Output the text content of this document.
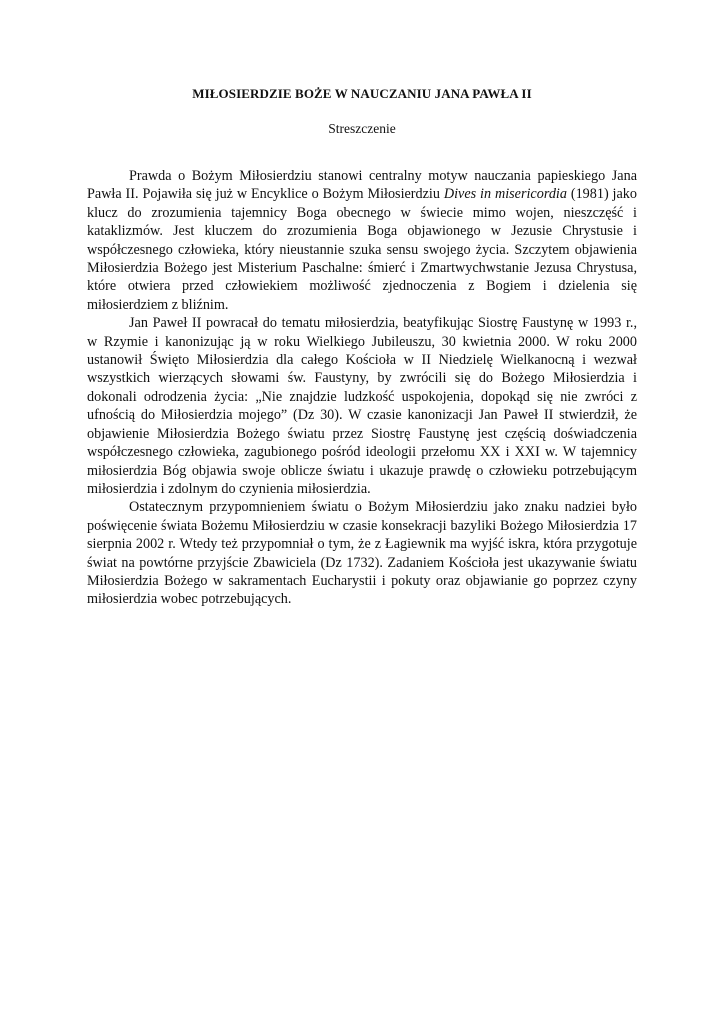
MIŁOSIERDZIE BOŻE W NAUCZANIU JANA PAWŁA II

Streszczenie

Prawda o Bożym Miłosierdziu stanowi centralny motyw nauczania papieskiego Jana Pawła II. Pojawiła się już w Encyklice o Bożym Miłosierdziu Dives in misericordia (1981) jako klucz do zrozumienia tajemnicy Boga obecnego w świecie mimo wojen, nieszczęść i kataklizmów. Jest kluczem do zrozumienia Boga objawionego w Jezusie Chrystusie i współczesnego człowieka, który nieustannie szuka sensu swojego życia. Szczytem objawienia Miłosierdzia Bożego jest Misterium Paschalne: śmierć i Zmartwychwstanie Jezusa Chrystusa, które otwiera przed człowiekiem możliwość zjednoczenia z Bogiem i dzielenia się miłosierdziem z bliźnim.

Jan Paweł II powracał do tematu miłosierdzia, beatyfikując Siostrę Faustynę w 1993 r., w Rzymie i kanonizując ją w roku Wielkiego Jubileuszu, 30 kwietnia 2000. W roku 2000 ustanowił Święto Miłosierdzia dla całego Kościoła w II Niedzielę Wielkanocną i wezwał wszystkich wierzących słowami św. Faustyny, by zwrócili się do Bożego Miłosierdzia i dokonali odrodzenia życia: „Nie znajdzie ludzkość uspokojenia, dopokąd się nie zwróci z ufnością do Miłosierdzia mojego” (Dz 30). W czasie kanonizacji Jan Paweł II stwierdził, że objawienie Miłosierdzia Bożego światu przez Siostrę Faustynę jest częścią doświadczenia współczesnego człowieka, zagubionego pośród ideologii przełomu XX i XXI w. W tajemnicy miłosierdzia Bóg objawia swoje oblicze światu i ukazuje prawdę o człowieku potrzebującym miłosierdzia i zdolnym do czynienia miłosierdzia.

Ostatecznym przypomnieniem światu o Bożym Miłosierdziu jako znaku nadziei było poświęcenie świata Bożemu Miłosierdziu w czasie konsekracji bazyliki Bożego Miłosierdzia 17 sierpnia 2002 r. Wtedy też przypomniał o tym, że z Łagiewnik ma wyjść iskra, która przygotuje świat na powtórne przyjście Zbawiciela (Dz 1732). Zadaniem Kościoła jest ukazywanie światu Miłosierdzia Bożego w sakramentach Eucharystii i pokuty oraz objawianie go poprzez czyny miłosierdzia wobec potrzebujących.
